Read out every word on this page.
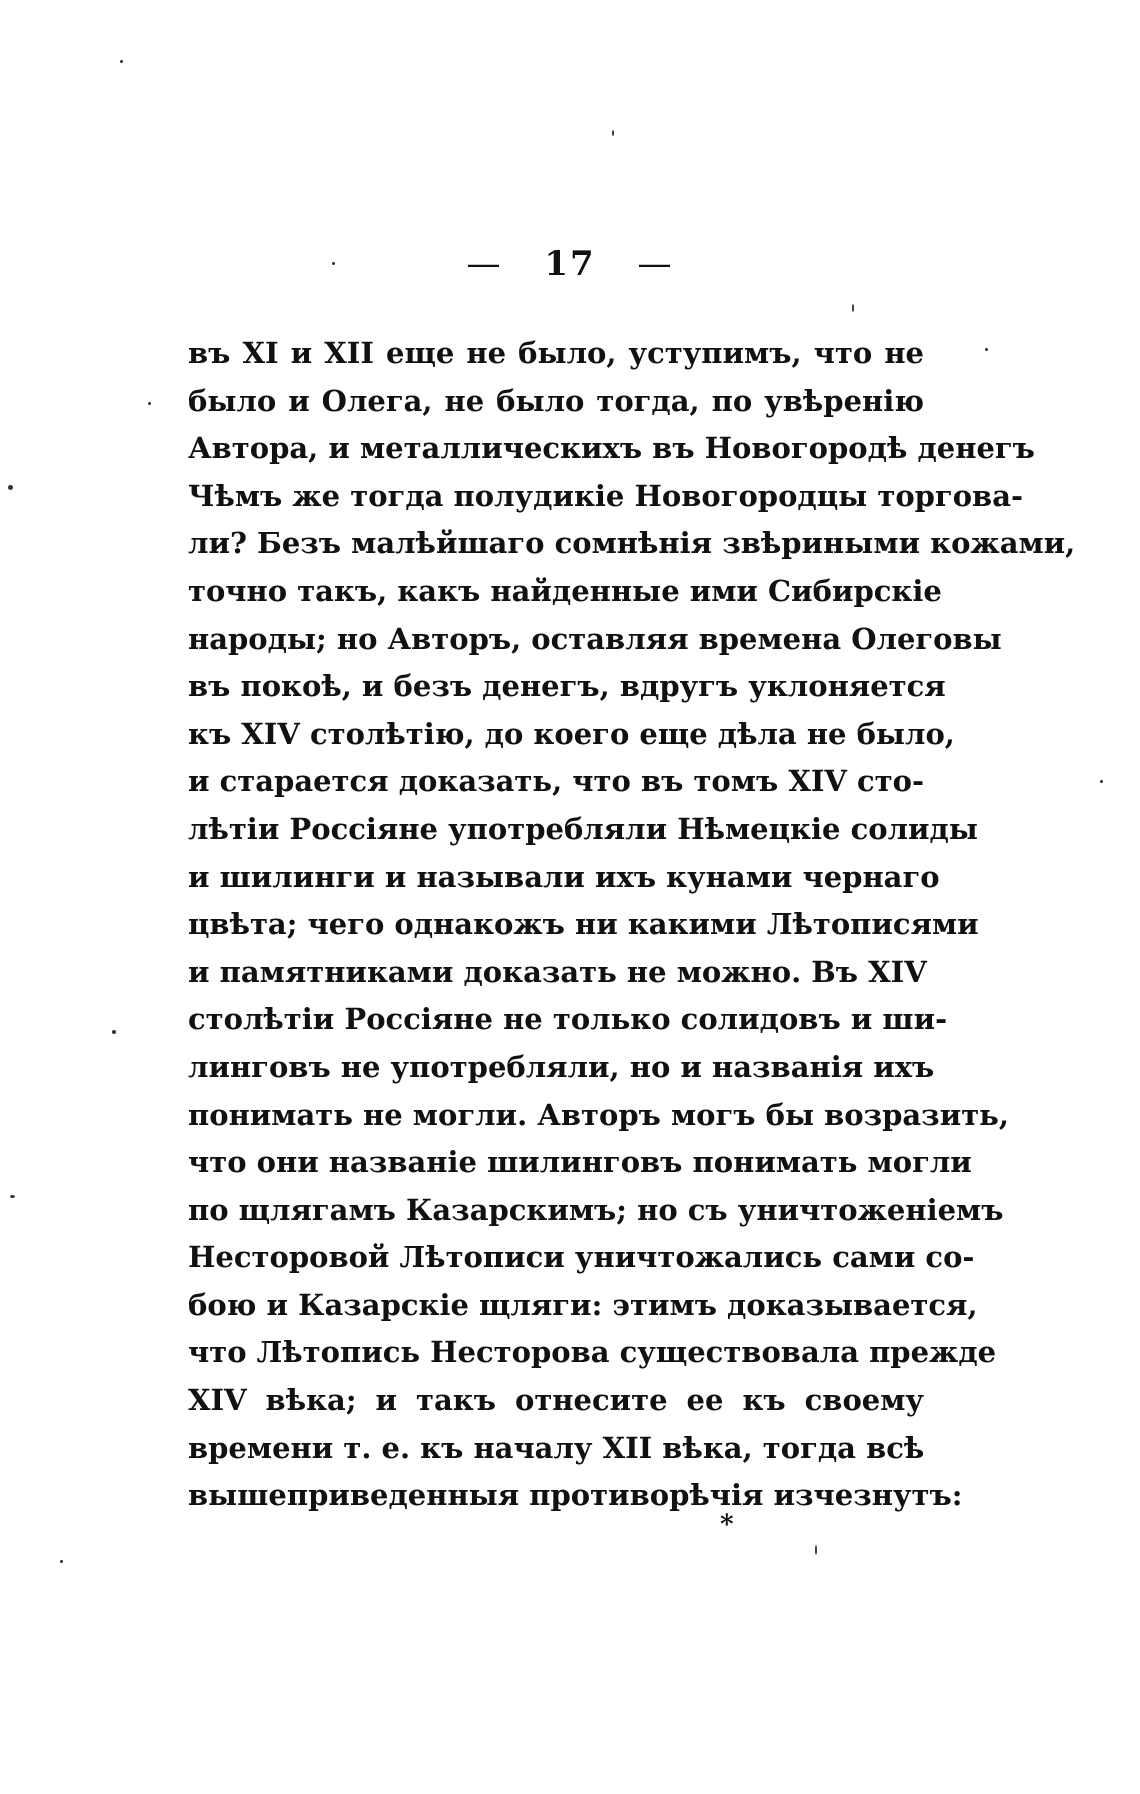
— 17 —
въ XI и XII еще не было, уступимъ, что не
было и Олега, не было тогда, по увѣренію
Автора, и металлическихъ въ Новогородѣ денегъ
Чѣмъ же тогда полудикіе Новогородцы торгова-
ли? Безъ малѣйшаго сомнѣнія звѣриными кожами,
точно такъ, какъ найденные ими Сибирскіе
народы; но Авторъ, оставляя времена Олеговы
въ покоѣ, и безъ денегъ, вдругъ уклоняется
къ XIV столѣтію, до коего еще дѣла не было,
и старается доказать, что въ томъ XIV сто-
лѣтіи Россіяне употребляли Нѣмецкіе солиды
и шилинги и называли ихъ кунами чернаго
цвѣта; чего однакожъ ни какими Лѣтописями
и памятниками доказать не можно. Въ XIV
столѣтіи Россіяне не только солидовъ и ши-
линговъ не употребляли, но и названія ихъ
понимать не могли. Авторъ могъ бы возразить,
что они названіе шилинговъ понимать могли
по щлягамъ Казарскимъ; но съ уничтоженіемъ
Несторовой Лѣтописи уничтожались сами со-
бою и Казарскіе щляги: этимъ доказывается,
что Лѣтопись Несторова существовала прежде
XIV вѣка; и такъ отнесите ее къ своему
времени т. е. къ началу XII вѣка, тогда всѣ
вышеприведенныя противорѣчія изчезнутъ:
*
